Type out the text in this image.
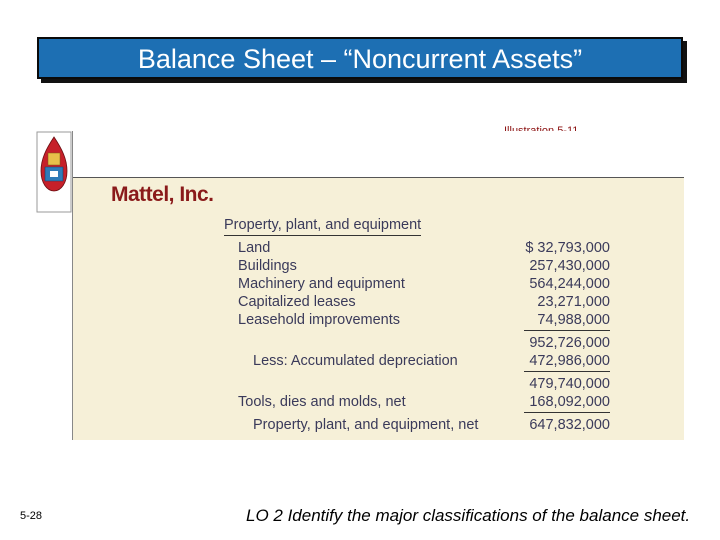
Balance Sheet – “Noncurrent Assets”
Mattel, Inc.
Property, plant, and equipment
Land	$ 32,793,000
Buildings	257,430,000
Machinery and equipment	564,244,000
Capitalized leases	23,271,000
Leasehold improvements	74,988,000
952,726,000
Less: Accumulated depreciation	472,986,000
479,740,000
Tools, dies and molds, net	168,092,000
Property, plant, and equipment, net	647,832,000
5-28	LO 2 Identify the major classifications of the balance sheet.
